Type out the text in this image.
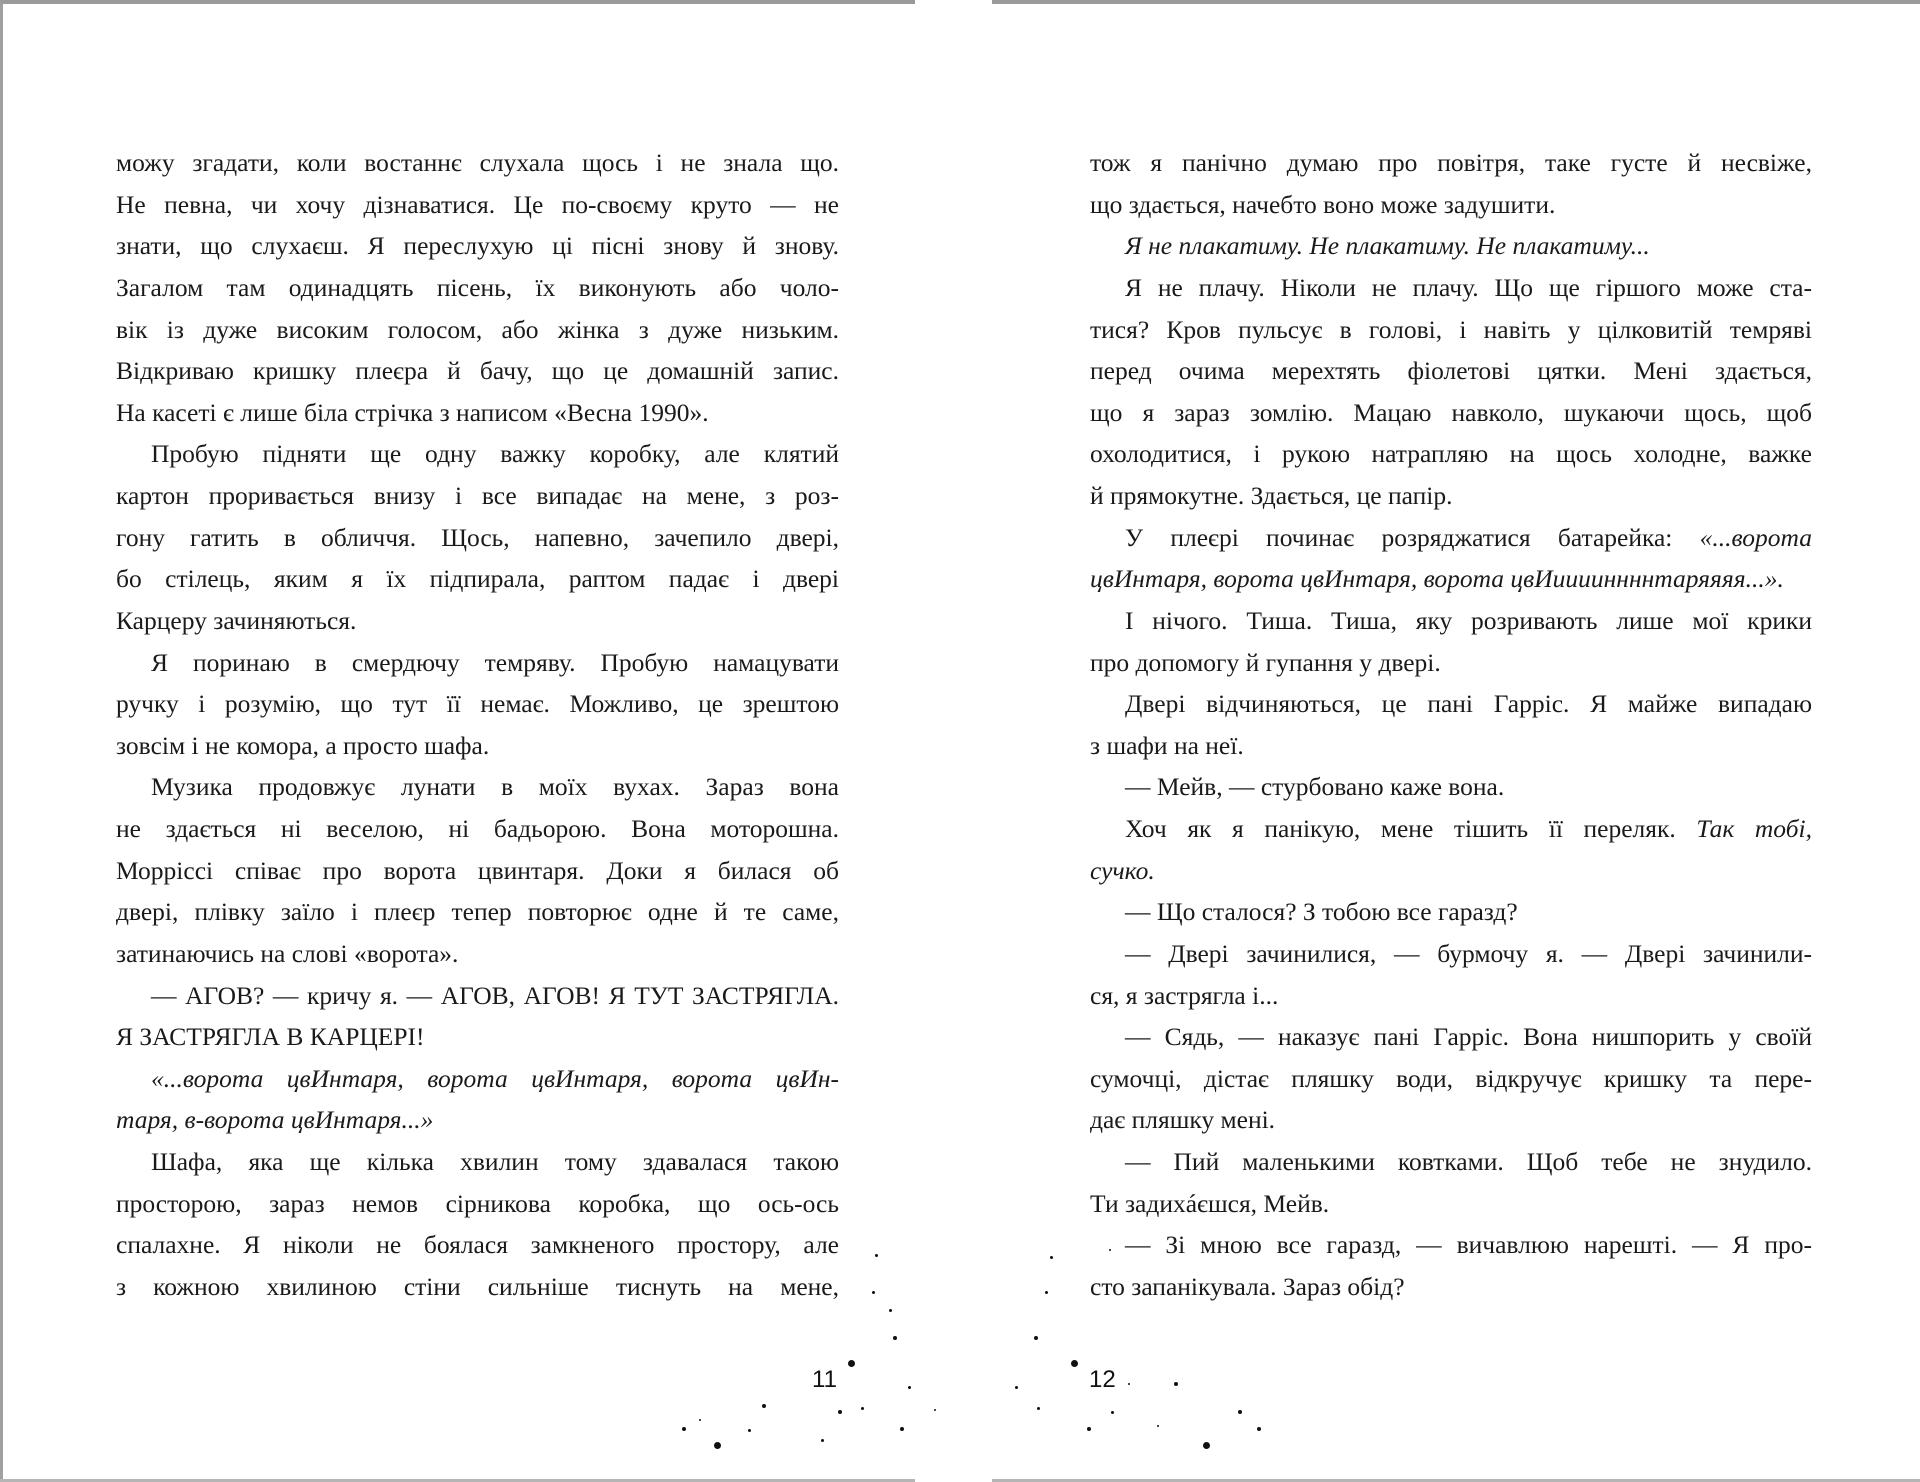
можу згадати, коли востаннє слухала щось і не знала що.
Не певна, чи хочу дізнаватися. Це по-своєму круто — не
знати, що слухаєш. Я переслухую ці пісні знову й знову.
Загалом там одинадцять пісень, їх виконують або чоло-
вік із дуже високим голосом, або жінка з дуже низьким.
Відкриваю кришку плеєра й бачу, що це домашній запис.
На касеті є лише біла стрічка з написом «Весна 1990».
Пробую підняти ще одну важку коробку, але клятий
картон проривається внизу і все випадає на мене, з роз-
гону гатить в обличчя. Щось, напевно, зачепило двері,
бо стілець, яким я їх підпирала, раптом падає і двері
Карцеру зачиняються.
Я поринаю в смердючу темряву. Пробую намацувати
ручку і розумію, що тут її немає. Можливо, це зрештою
зовсім і не комора, а просто шафа.
Музика продовжує лунати в моїх вухах. Зараз вона
не здається ні веселою, ні бадьорою. Вона моторошна.
Морріссі співає про ворота цвинтаря. Доки я билася об
двері, плівку заїло і плеєр тепер повторює одне й те саме,
затинаючись на слові «ворота».
— АГОВ? — кричу я. — АГОВ, АГОВ! Я ТУТ ЗАСТРЯГЛА.
Я ЗАСТРЯГЛА В КАРЦЕРІ!
«...ворота цвИнтаря, ворота цвИнтаря, ворота цвИн-
таря, в-ворота цвИнтаря...»
Шафа, яка ще кілька хвилин тому здавалася такою
просторою, зараз немов сірникова коробка, що ось-ось
спалахне. Я ніколи не боялася замкненого простору, але
з кожною хвилиною стіни сильніше тиснуть на мене,
тож я панічно думаю про повітря, таке густе й несвіже,
що здається, начебто воно може задушити.
Я не плакатиму. Не плакатиму. Не плакатиму...
Я не плачу. Ніколи не плачу. Що ще гіршого може ста-
тися? Кров пульсує в голові, і навіть у цілковитій темряві
перед очима мерехтять фіолетові цятки. Мені здається,
що я зараз зомлію. Мацаю навколо, шукаючи щось, щоб
охолодитися, і рукою натрапляю на щось холодне, важке
й прямокутне. Здається, це папір.
У плеєрі починає розряджатися батарейка: «...ворота
цвИнтаря, ворота цвИнтаря, ворота цвИииииннннтаряяяя...».
І нічого. Тиша. Тиша, яку розривають лише мої крики
про допомогу й гупання у двері.
Двері відчиняються, це пані Гарріс. Я майже випадаю
з шафи на неї.
— Мейв, — стурбовано каже вона.
Хоч як я панікую, мене тішить її переляк. Так тобі,
сучко.
— Що сталося? З тобою все гаразд?
— Двері зачинилися, — бурмочу я. — Двері зачинили-
ся, я застрягла і...
— Сядь, — наказує пані Гарріс. Вона нишпорить у своїй
сумочці, дістає пляшку води, відкручує кришку та пере-
дає пляшку мені.
— Пий маленькими ковтками. Щоб тебе не знудило.
Ти задихáєшся, Мейв.
— Зі мною все гаразд, — вичавлюю нарешті. — Я про-
сто запанікувала. Зараз обід?
11	12
